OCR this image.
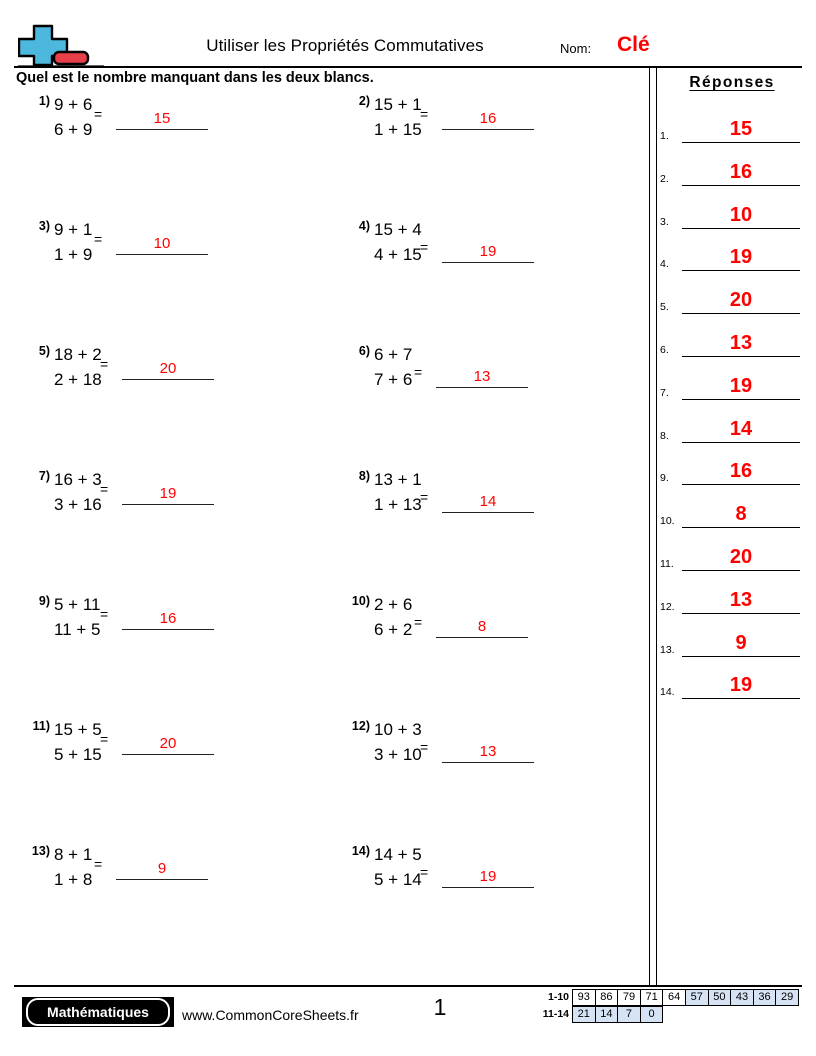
Utiliser les Propriétés Commutatives	Nom: Clé
Quel est le nombre manquant dans les deux blancs.	Réponses
1.	15
2.	16
3.	10
4.	19
5.	20
6.	13
7.	19
8.	14
9.	16
10.	8
11.	20
12.	13
13.	9
14.	19
1) 9 + 6
6 + 9
=	15
2) 15 + 1
1 + 15
=	16
3) 9 + 1
1 + 9
=	10
4) 15 + 4
4 + 15
=	19
5) 18 + 2
2 + 18
=	20
6) 6 + 7
7 + 6 =	13
7) 16 + 3
3 + 16
=	19
8) 13 + 1
1 + 13
=	14
9) 5 + 11
11 + 5
=	16
10) 2 + 6
6 + 2 =	8
11) 15 + 5
5 + 15
=	20
12) 10 + 3
3 + 10
=	13
13) 8 + 1
1 + 8
=	9
14) 14 + 5
5 + 14
=	19
Mathématiques www.CommonCoreSheets.fr	1	1-10 93 86 79 71 64 57 50 43 36 29
11-14 21 14	7	0
